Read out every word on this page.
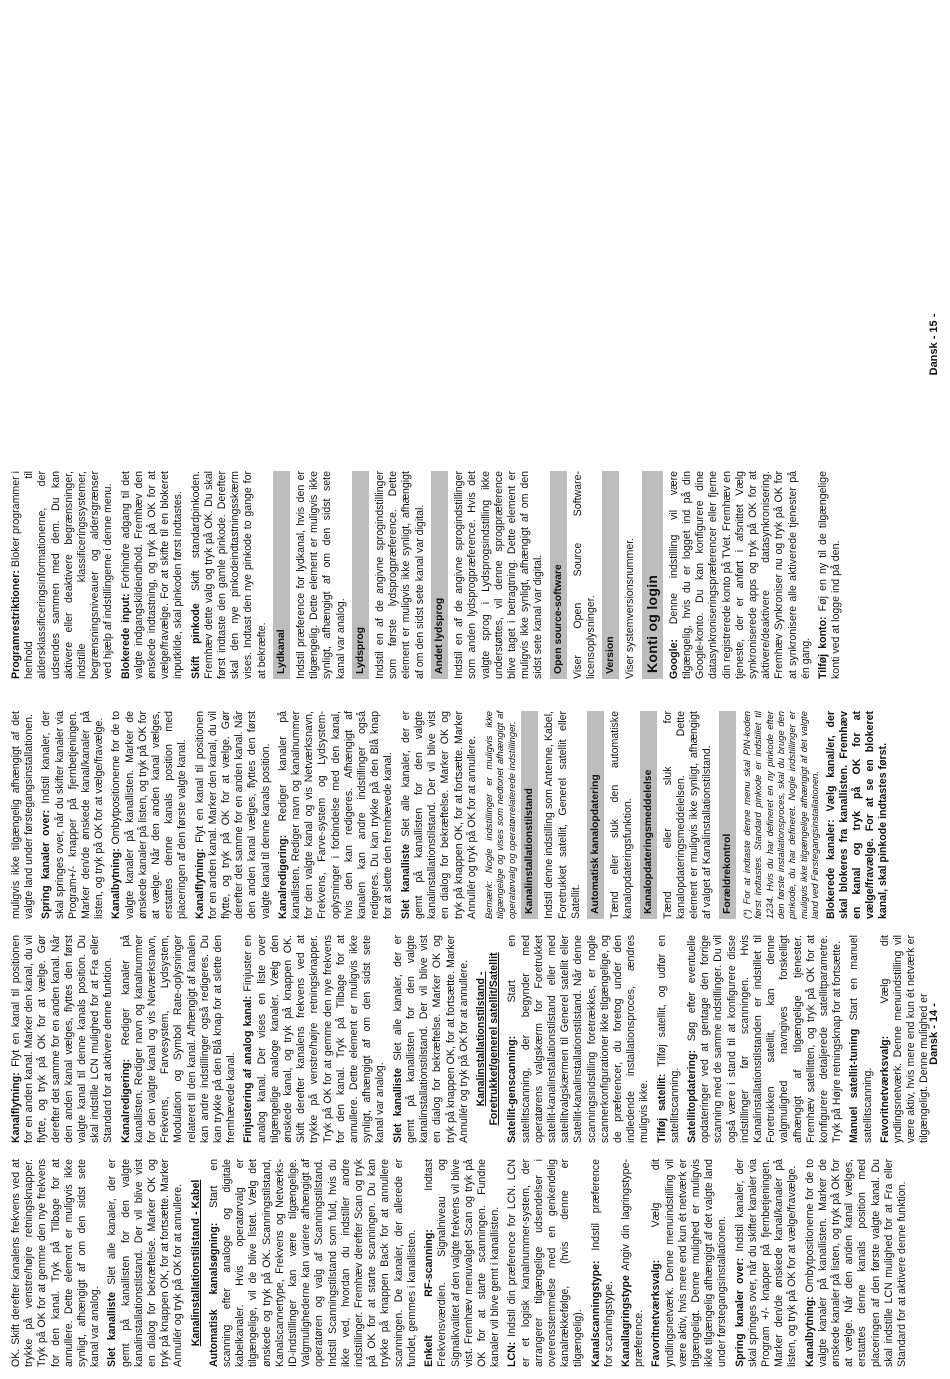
OK. Skift derefter kanalens frekvens ved at trykke på venstre/højre retningsknapper. Tryk på OK for at gemme den nye frekvens for den kanal. Tryk på Tilbage for at annullere. Dette element er muligvis ikke synligt, afhængigt af om den sidst sete kanal var analog. Slet kanalliste Slet alle kanaler, der er gemt på kanallisten for den valgte kanalinstallationstilstand. Der vil blive vist en dialog for bekræftelse. Marker OK og tryk på knappen OK, for at fortsætte. Marker Annullér og tryk på OK for at annullere. Kanalinstallationstilstand - Kabel Automatisk kanalsøgning: Start en scanning efter analoge og digitale kabelkanaler. Hvis operatørvalg er tilgængelige, vil de blive listet. Vælg det ønskede og tryk på OK. Scanningstilstand, Kanalscannertype, Frekvens og Netværks-ID-indstillinger kan være tilgængelige. Valgmulighederne kan variere afhængigt af operatøren og valg af Scanningstilstand. Indstil Scanningstilstand som fuld, hvis du ikke ved, hvordan du indstiller andre indstillinger. Fremhæv derefter Scan og tryk på OK for at starte scanningen. Du kan trykke på knappen Back for at annullere scanningen. De kanaler, der allerede er fundet, gemmes i kanallisten. Enkelt RF-scanning: Indtast Frekvensværdien. Signalniveau og Signalkvalitet af den valgte frekvens vil blive vist. Fremhæv menuvalget Scan og tryk på OK for at starte scanningen. Fundne kanaler vil blive gemt i kanallisten. LCN: Indstil din præference for LCN. LCN er et logisk kanalnummer-system, der arrangerer tilgængelige udsendelser i overensstemmelse med en genkendelig kanalrækkefølge, (hvis denne er tilgængelig). Kanalscanningstype: Indstil præference for scanningstype. Kanallagringstype Angiv din lagringstype-præference. Favoritnetværksvalg: Vælg dit yndlingsnetværk. Denne menuindstilling vil være aktiv, hvis mere end kun ét netværk er tilgængeligt. Denne mulighed er muligvis ikke tilgængelig afhængigt af det valgte land under førstegangsinstallationen. Spring kanaler over: Indstil kanaler, der skal springes over, når du skifter kanaler via Program +/- knapper på fjernbetjeningen. Marker den/de ønskede kanal/kanaler på listen, og tryk på OK for at vælge/fravælge. Kanalbytning: Ombytpositionerne for de to valgte kanaler på kanallisten. Marker de ønskede kanaler på listen, og tryk på OK for at vælge. Når den anden kanal vælges, erstattes denne kanals position med placeringen af den første valgte kanal. Du skal indstille LCN mulighed for at Fra eller Standard for at aktivere denne funktion.

Kanalflytning: Flyt en kanal til positionen for en anden kanal. Marker den kanal, du vil flytte, og tryk på OK for at vælge. Gør derefter det samme for en anden kanal. Når den anden kanal vælges, flyttes den først valgte kanal til denne kanals position. Du skal indstille LCN mulighed for at Fra eller Standard for at aktivere denne funktion. Kanalredigering: Rediger kanaler på kanallisten. Rediger navn og kanalnummer for den valgte kanal og vis Netværksnavn, Frekvens, Farvesystem, Lydsystem, Modulation og Symbol Rate-oplysninger relateret til den kanal. Afhængigt af kanalen kan andre indstillinger også redigeres. Du kan trykke på den Blå knap for at slette den fremhævede kanal. Finjustering af analog kanal: Finjuster en analog kanal. Der vises en liste over tilgængelige analoge kanaler. Vælg den ønskede kanal, og tryk på knappen OK. Skift derefter kanalens frekvens ved at trykke på venstre/højre retningsknapper. Tryk på OK for at gemme den nye frekvens for den kanal. Tryk på Tilbage for at annullere. Dette element er muligvis ikke synligt, afhængigt af om den sidst sete kanal var analog. Slet kanalliste Slet alle kanaler, der er gemt på kanallisten for den valgte kanalinstallationstilstand. Der vil blive vist en dialog for bekræftelse. Marker OK og tryk på knappen OK, for at fortsætte. Marker Annullér og tryk på OK for at annullere. Kanalinstallationstilstand - Foretrukket/generel satellit/Satellit Satellit-genscanning: Start en satellitscanning, der begynder med operatørens valgskærm for Foretrukket satellit-kanalinstallationstilstand eller med satellitvalgskærmen til Generel satellit eller Satellit-kanalinstallationstilstand. Når denne scanningsindstilling foretrækkes, er nogle scannerkonfigurationer ikke tilgængelige, og de præferencer, du foretog under den indledende installationsproces, ændres muligvis ikke. Tilføj satellit: Tilføj satellit, og udfør en satellitscanning. Satellitopdatering: Søg efter eventuelle opdateringer ved at gentage den forrige scanning med de samme indstillinger. Du vil også være i stand til at konfigurere disse indstillinger før scanningen. Hvis Kanalinstallationstilstanden er indstillet til Foretrukken satellit, kan denne valgmulighed navngives forskelligt afhængigt af tilgængelige tjenester. Fremhæv satellitten, og tryk på OK for at konfigurere detaljerede satellitparametre. Tryk på Højre retningsknap for at fortsætte. Manuel satellit-tuning Start en manuel satellitscanning. Favoritnetværksvalg: Vælg dit yndlingsnetværk. Denne menuindstilling vil være aktiv, hvis mere end kun ét netværk er tilgængeligt. Denne mulighed er

muligvis ikke tilgængelig afhængigt af det valgte land under førstegangsinstallationen. Spring kanaler over: Indstil kanaler, der skal springes over, når du skifter kanaler via Program+/- knapper på fjernbetjeningen. Marker den/de ønskede kanal/kanaler på listen, og tryk på OK for at vælge/fravælge. Kanalbytning: Ombytpositionerne for de to valgte kanaler på kanallisten. Marker de ønskede kanaler på listen, og tryk på OK for at vælge. Når den anden kanal vælges, erstattes denne kanals position med placeringen af den første valgte kanal. Kanalflytning: Flyt en kanal til positionen for en anden kanal. Marker den kanal, du vil flytte, og tryk på OK for at vælge. Gør derefter det samme for en anden kanal. Når den anden kanal vælges, flyttes den først valgte kanal til denne kanals position. Kanalredigering: Rediger kanaler på kanallisten. Rediger navn og kanalnummer for den valgte kanal og vis Netværksnavn, Frekvens, Farve-system og Lydsystem-oplysninger i forbindelse med den kanal, hvis den kan redigeres. Afhængigt af kanalen kan andre indstillinger også redigeres. Du kan trykke på den Blå knap for at slette den fremhævede kanal. Slet kanalliste Slet alle kanaler, der er gemt på kanallisten for den valgte kanalinstallationstilstand. Der vil blive vist en dialog for bekræftelse. Marker OK og tryk på knappen OK, for at fortsætte. Marker Annullér og tryk på OK for at annullere. Bemærk: Nogle indstillinger er muligvis ikke tilgængelige og vises som nedtonet afhængigt af operatørvalg og operatørrelaterede indstillinger. Kanalinstallationstilstand Indstil denne indstilling som Antenne, Kabel, Foretrukket satellit, Generel satellit eller Satellit. Automatisk kanalopdatering Tænd eller sluk den automatiske kanalopdateringsfunktion. Kanalopdateringsmeddelelse Tænd eller sluk for kanalopdateringsmeddelelsen. Dette element er muligvis ikke synligt, afhængigt af valget af Kanalinstallationstilstand. Forældrekontrol (*) For at indtaste denne menu skal PIN-koden først indtastes. Standard pinkode er indstillet til 1234. Hvis du har defineret en ny pinkode efter den første installationsproces, skal du bruge den pinkode, du har defineret. Nogle indstillinger er muligvis ikke tilgængelige afhængigt af det valgte land ved Førstegangsinstallationen. Blokerede kanaler: Vælg kanal/er, der skal blokeres fra kanallisten. Fremhæv en kanal og tryk på OK for at vælge/fravælge. For at se en blokeret kanal, skal pinkode indtastes først.

Dansk - 14 -

Programrestriktioner: Bloker programmer i henhold til aldersklassificeringsinformationerne, der udsendes sammen med dem. Du kan aktivere eller deaktivere begrænsninger, indstille klassificeringssystemer, begrænsningsniveauer og aldersgrænser ved hjælp af indstillingerne i denne menu. Blokerede input: Forhindre adgang til det valgte indgangskildeindhold. Fremhæv den ønskede indtastning, og tryk på OK for at vælge/fravælge. For at skifte til en blokeret inputkilde, skal pinkoden først indtastes. Skift pinkode Skift standardpinkoden. Fremhæv dette valg og tryk på OK. Du skal først indtaste den gamle pinkode. Derefter skal den nye pinkodeindtastningsskærm vises. Indtast den nye pinkode to gange for at bekræfte. Lydkanal Indstil præference for lydkanal, hvis den er tilgængelig. Dette element er muligvis ikke synligt, afhængigt af om den sidst sete kanal var analog. Lydsprog Indstil en af de angivne sprogindstillinger som første lydsprogpræference. Dette element er muligvis ikke synligt, afhængigt af om den sidst sete kanal var digital. Andet lydsprog Indstil en af de angivne sprogindstillinger som anden lydsprogpræference. Hvis det valgte sprog i Lydsprogsindstilling ikke understøttes, vil denne sprogpræference blive taget i betragtning. Dette element er muligvis ikke synligt, afhængigt af om den sidst sete kanal var digital. Open source-software Viser Open Source Software-licensoplysninger. Version Viser systemversionsnummer. Konti og login Google: Denne indstilling vil være tilgængelig, hvis du er logget ind på din Google-konto. Du kan konfigurere dine datasynkroniseringspræferencer eller fjerne din registrerede konto på TVet. Fremhæv en tjeneste, der er anført i afsnittet Vælg synkroniserede apps og tryk på OK for at aktivere/deaktivere datasynkronisering. Fremhæv Synkroniser nu og tryk på OK for at synkronisere alle aktiverede tjenester på én gang. Tilføj konto: Føj en ny til de tilgængelige konti ved at logge ind på den.

Dansk - 15 -
